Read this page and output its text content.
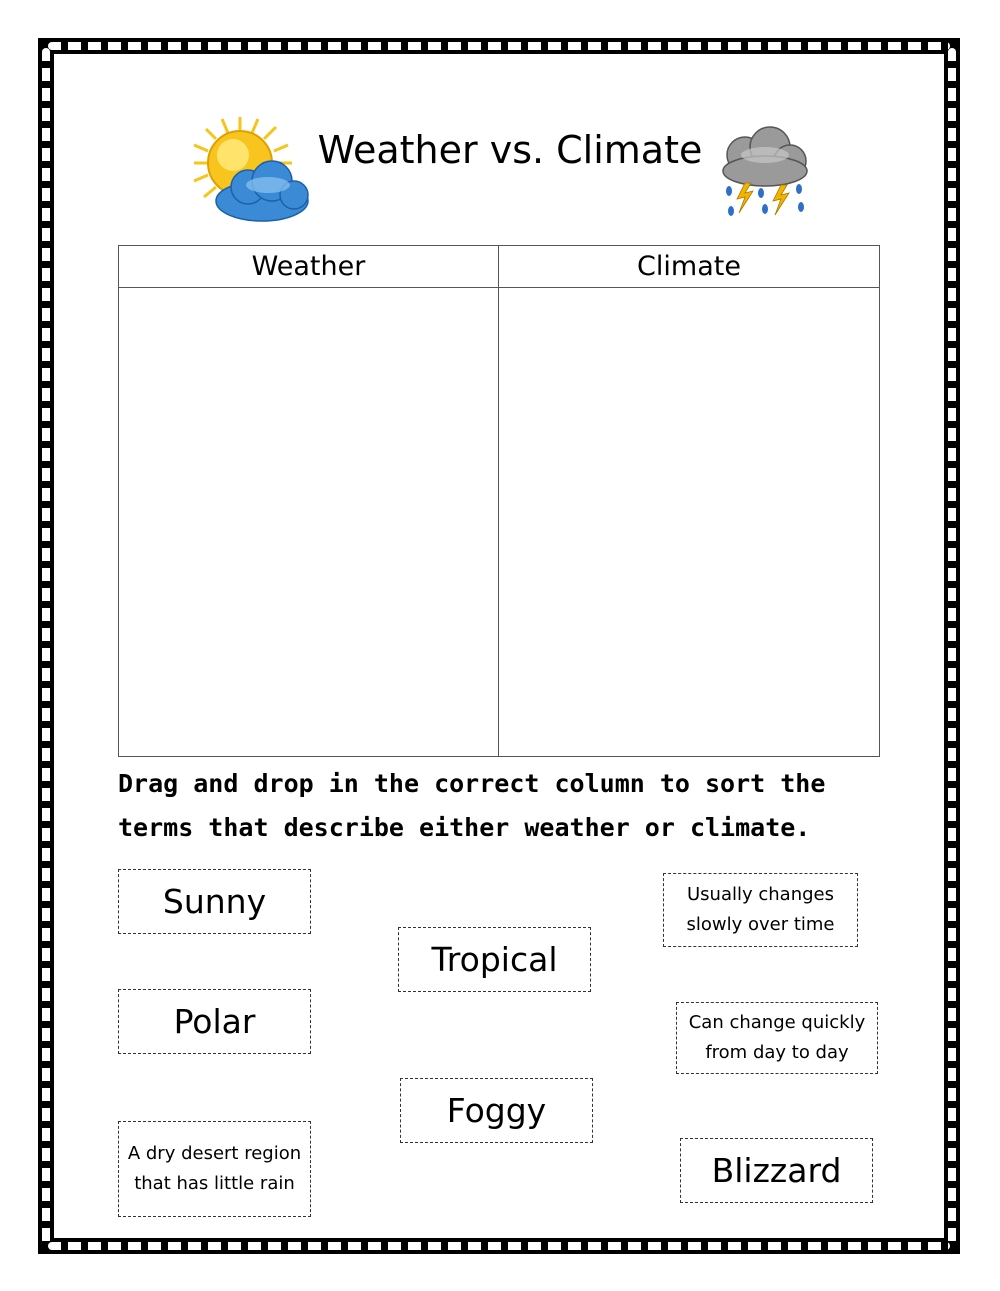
Weather vs. Climate
Weather	Climate
Drag and drop in the correct column to sort the terms that describe either weather or climate.
Sunny
Tropical
Usually changes slowly over time
Polar	Can change quickly from day to day
Foggy
A dry desert region that has little rain	Blizzard
